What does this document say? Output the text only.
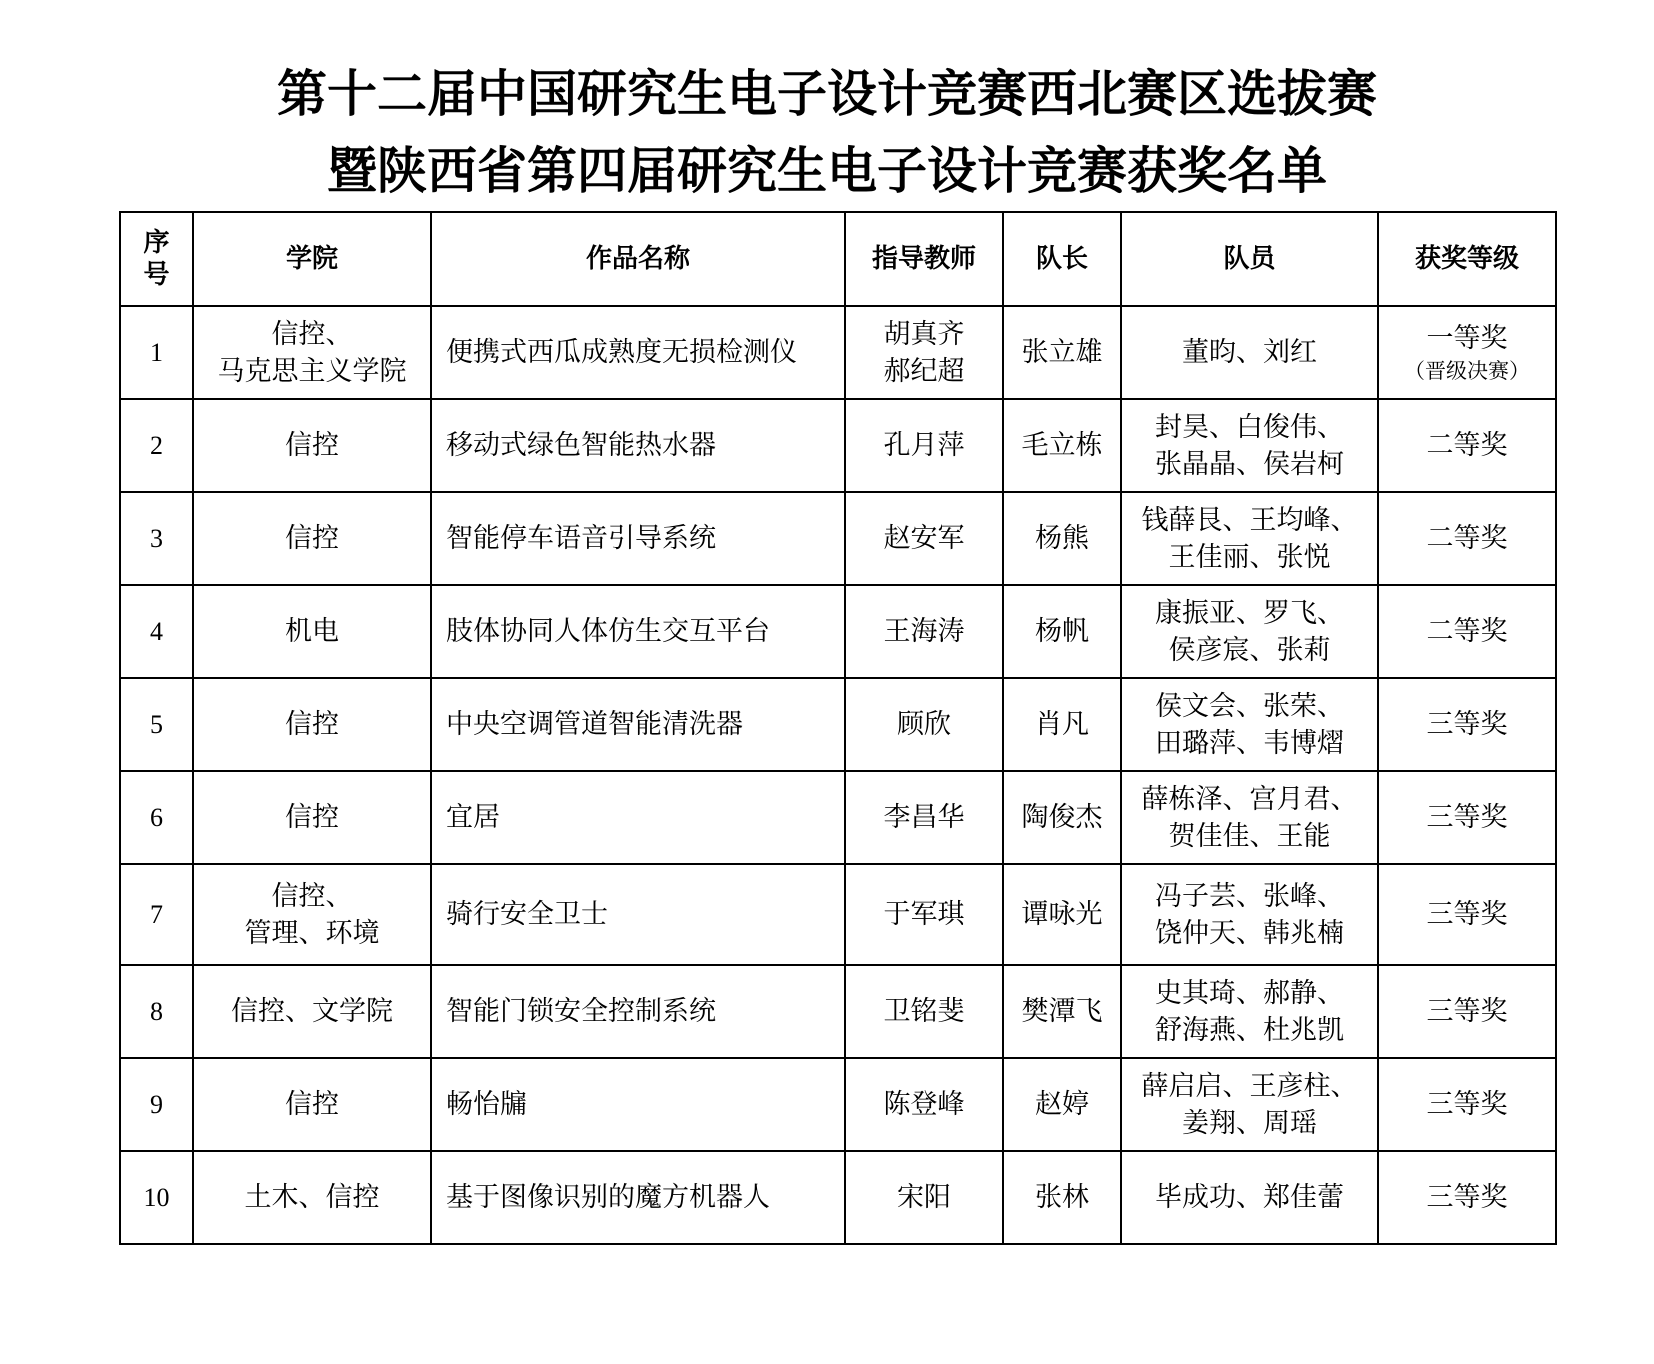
第十二届中国研究生电子设计竞赛西北赛区选拔赛
暨陕西省第四届研究生电子设计竞赛获奖名单
序
号	学院	作品名称	指导教师	队长	队员	获奖等级
1	信控、
马克思主义学院	便携式西瓜成熟度无损检测仪	胡真齐
郝纪超	张立雄	董昀、刘红	一等奖
（晋级决赛）

2	信控	移动式绿色智能热水器	孔月萍	毛立栋	封昊、白俊伟、
张晶晶、侯岩柯	二等奖

3	信控	智能停车语音引导系统	赵安军	杨熊	钱薛艮、王均峰、
王佳丽、张悦	二等奖

4	机电	肢体协同人体仿生交互平台	王海涛	杨帆	康振亚、罗飞、
侯彦宸、张莉	二等奖

5	信控	中央空调管道智能清洗器	顾欣	肖凡	侯文会、张荣、
田璐萍、韦博熠	三等奖

6	信控	宜居	李昌华	陶俊杰	薛栋泽、宫月君、
贺佳佳、王能	三等奖

7	信控、
管理、环境	骑行安全卫士	于军琪	谭咏光	冯子芸、张峰、
饶仲天、韩兆楠	三等奖

8	信控、文学院	智能门锁安全控制系统	卫铭斐	樊潭飞	史其琦、郝静、
舒海燕、杜兆凯	三等奖

9	信控	畅怡牖	陈登峰	赵婷	薛启启、王彦柱、
姜翔、周瑶	三等奖

10	土木、信控	基于图像识别的魔方机器人	宋阳	张林	毕成功、郑佳蕾	三等奖
